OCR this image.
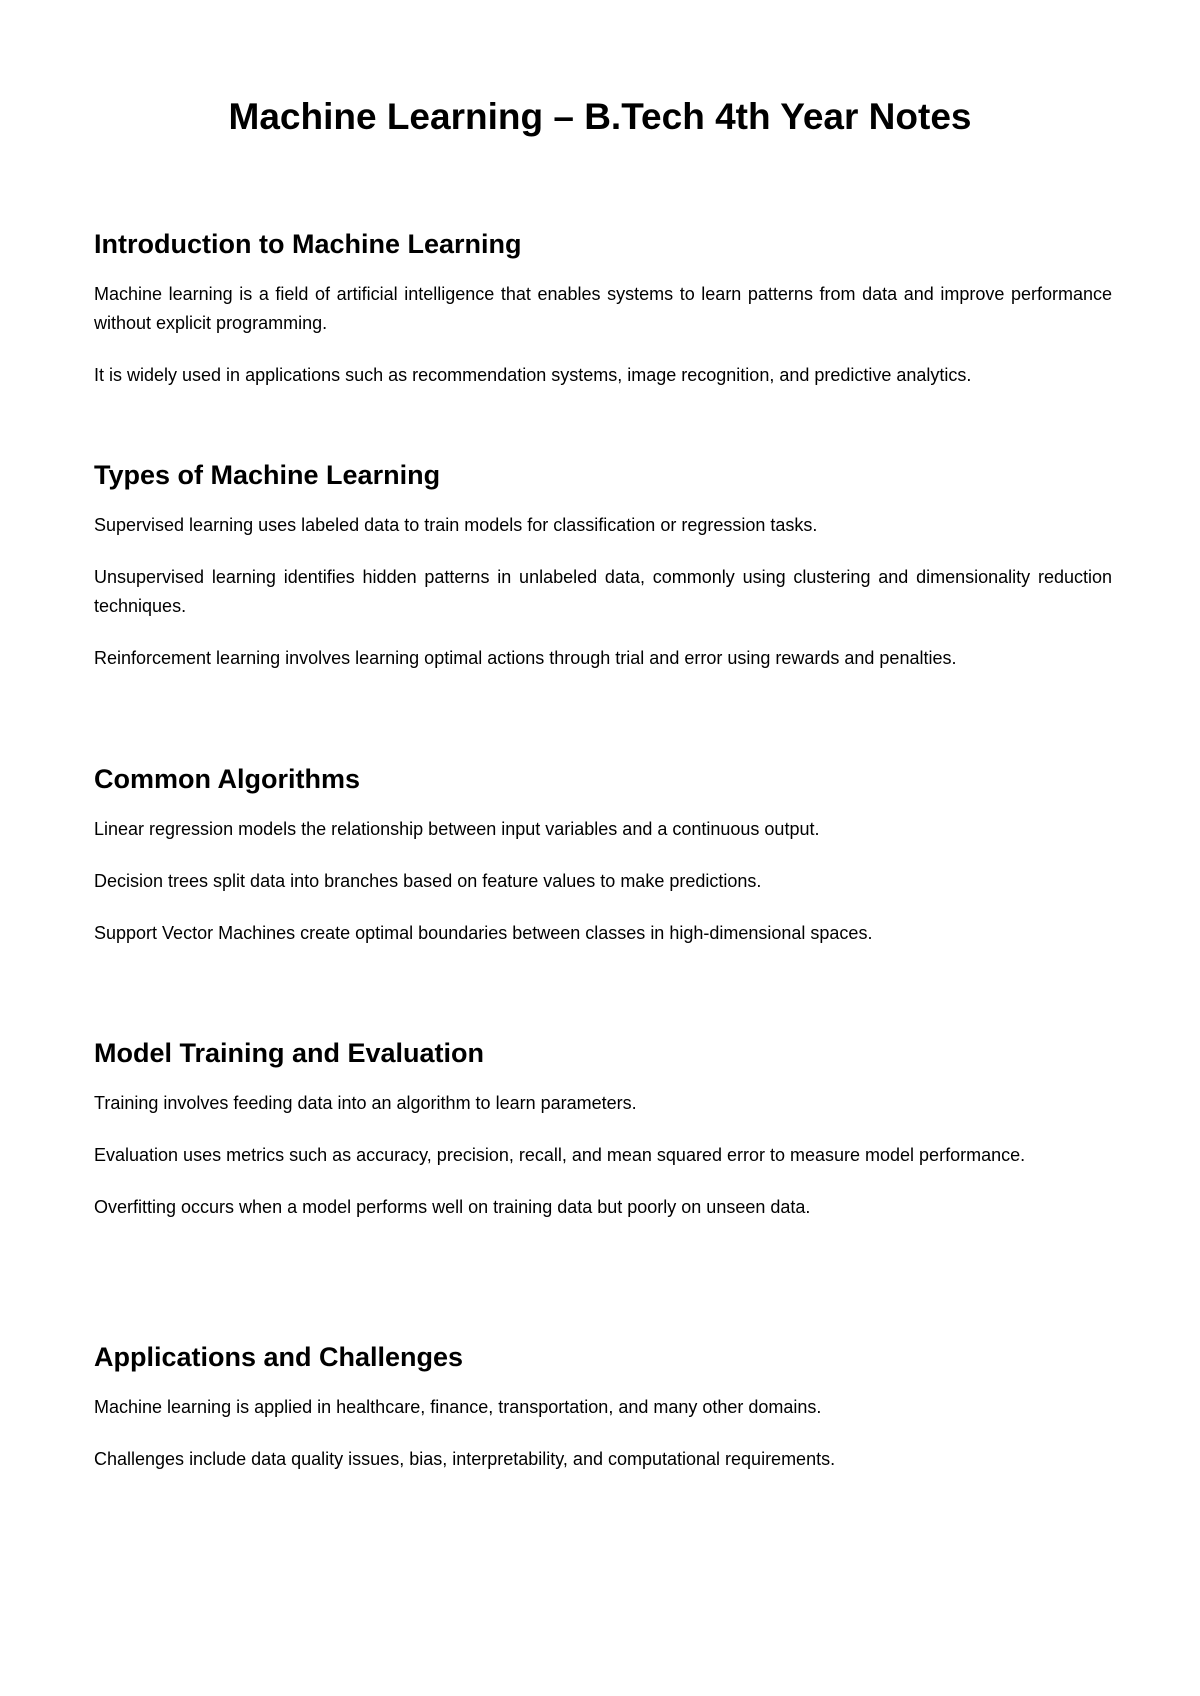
Machine Learning – B.Tech 4th Year Notes
Introduction to Machine Learning

Machine learning is a field of artificial intelligence that enables systems to learn patterns from data and improve performance without explicit programming.

It is widely used in applications such as recommendation systems, image recognition, and predictive analytics.

Types of Machine Learning

Supervised learning uses labeled data to train models for classification or regression tasks.

Unsupervised learning identifies hidden patterns in unlabeled data, commonly using clustering and dimensionality reduction techniques.

Reinforcement learning involves learning optimal actions through trial and error using rewards and penalties.

Common Algorithms

Linear regression models the relationship between input variables and a continuous output.

Decision trees split data into branches based on feature values to make predictions.

Support Vector Machines create optimal boundaries between classes in high-dimensional spaces.

Model Training and Evaluation

Training involves feeding data into an algorithm to learn parameters.

Evaluation uses metrics such as accuracy, precision, recall, and mean squared error to measure model performance.

Overfitting occurs when a model performs well on training data but poorly on unseen data.

Applications and Challenges

Machine learning is applied in healthcare, finance, transportation, and many other domains.

Challenges include data quality issues, bias, interpretability, and computational requirements.
